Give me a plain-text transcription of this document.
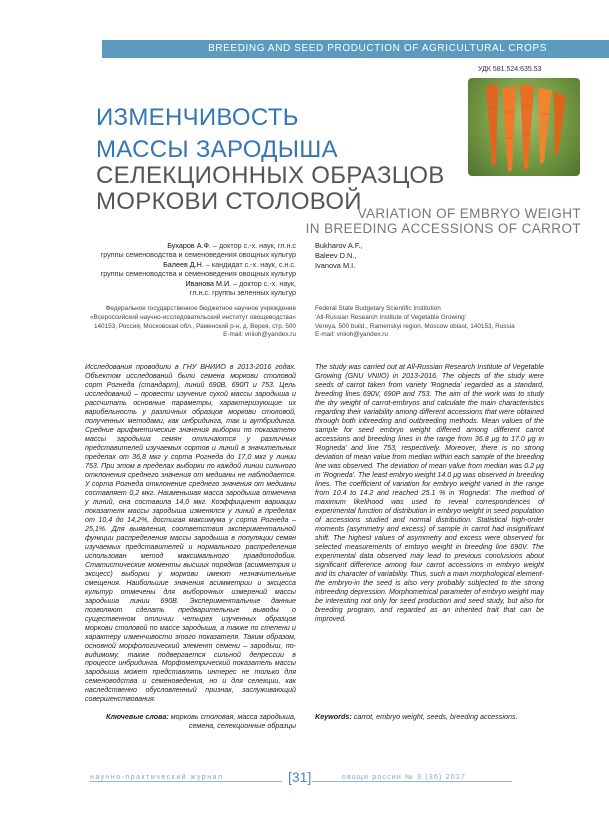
BREEDING AND SEED PRODUCTION OF AGRICULTURAL CROPS
УДК 581.524:635.53
ИЗМЕНЧИВОСТЬ
МАССЫ ЗАРОДЫША
СЕЛЕКЦИОННЫХ ОБРАЗЦОВ
МОРКОВИ СТОЛОВОЙ
VARIATION OF EMBRYO WEIGHT
IN BREEDING ACCESSIONS OF CARROT
Бухаров А.Ф. – доктор с.-х. наук, гл.н.с
группы семеноводства и семеноведения овощных культур
Балеев Д.Н. – кандидат с.-х. наук, с.н.с.
группы семеноводства и семеноведения овощных культур
Иванова М.И. – доктор с.-х. наук,
гл.н.с. группы зеленных культур
Bukharov A.F.,
Baleev D.N.,
Ivanova M.I.
Федеральное государственное бюджетное научное учреждение
«Всероссийский научно-исследовательский институт овощеводства»
140153, Россия, Московская обл., Раменский р-н, д. Верея, стр. 500
E-mail: vniioh@yandex.ru
Federal State Budgetary Scientific Institution
'All-Russian Research Institute of Vegetable Growing'
Vereya, 500 build., Ramenskyi region, Moscow oblast, 140153, Russia
E-mail: vniioh@yandex.ru
Исследования проводили в ГНУ ВНИИО в 2013-2016 годах. Объектом исследований были семена моркови столовой сорт Рогнеда (стандарт), линий 690В, 690П и 753. Цель исследований – провести изучение сухой массы зародыша и рассчитать основные параметры, характеризующие их варибельность у различных образцов моркови столовой, полученных методами, как инбридинга, так и аутбридинга. Средние арифметические значения выборки по показателю массы зародыша семян отличаются у различных представителей изучаемых сортов и линий в значительных пределах от 36,8 мкг у сорта Рогнеда до 17,0 мкг у линии 753. При этом в пределах выборки по каждой линии сильного отклонения среднего значения от медианы не наблюдается. У сорта Рогнеда отклонение среднего значения от медианы составляет 0,2 мкг. Наименьшая масса зародыша отмечена у линий, она составила 14,0 мкг. Коэффициент вариации показателя массы зародыша изменялся у линий в пределах от 10,4 до 14,2%, достигая максимума у сорта Рогнеда – 25,1%. Для выявления, соответствия экспериментальной функции распределения массы зародыша в популяции семян изучаемых представителей и нормального распределения использован метод максимального правдоподобия. Статистические моменты высших порядков (асимметрия и эксцесс) выборки у моркови имеют незначительные смещения. Наибольшие значения асимметрии и эксцесса культур отмечены для выборочных измерений массы зародыша линии 690В. Экспериментальные данные позволяют сделать предварительные выводы о существенном отличии четырех изученных образцов моркови столовой по массе зародыша, а также по степени и характеру изменчивости этого показателя. Таким образом, основной морфологический элемент семени – зародыш, по-видимому, также подвергается сильной депрессии в процессе инбридинга. Морфометрический показатель массы зародыша может представлять интерес не только для семеноводства и семеноведения, но и для селекции, как наследственно обусловленный признак, заслуживающий совершенствования.
The study was carried out at All-Russian Research Institute of Vegetable Growing (GNU VNIIO) in 2013-2016. The objects of the study were seeds of carrot taken from variety 'Rogneda' regarded as a standard, breeding lines 690V, 690P and 753. The aim of the work was to study the dry weight of carrot-embryos and calculate the main characteristics regarding their variability among different accessions that were obtained through both inbreeding and outbreeding methods. Mean values of the sample for seed embryo weight differed among different carrot accessions and breeding lines in the range from 36.8 μg to 17.0 μg in 'Rogneda' and line 753, respectively. Moreover, there is no strong deviation of mean value from median within each sample of the breeding line was observed. The deviation of mean value from median was 0.2 μg in 'Rogneda'. The least embryo weight 14.0 μg was observed in breeding lines. The coefficient of variation for embryo weight varied in the range from 10.4 to 14.2 and reached 25.1 % in 'Rogneda'. The method of maximum likelihood was used to reveal correspondences of experimental function of distribution in embryo weight in seed population of accessions studied and normal distribution. Statistical high-order moments (asymmetry and excess) of sample in carrot had insignificant shift. The highest values of asymmetry and excess were observed for selected measurements of embryo weight in breeding line 690V. The experimental data observed may lead to previous conclusions about significant difference among four carrot accessions in embryo weight and its character of variability. Thus, such a main morphological element-the embryo-in the seed is also very probably subjected to the strong inbreeding depression. Morphometrical parameter of embryo weight may be interesting not only for seed production and seed study, but also for breeding program, and regarded as an inherited trait that can be improved.
Ключевые слова: морковь столовая, масса зародыша, семена, селекционные образцы
Keywords: carrot, embryo weight, seeds, breeding accessions.
научно-практический журнал	[31]	овощи россии № 3 (36) 2017
